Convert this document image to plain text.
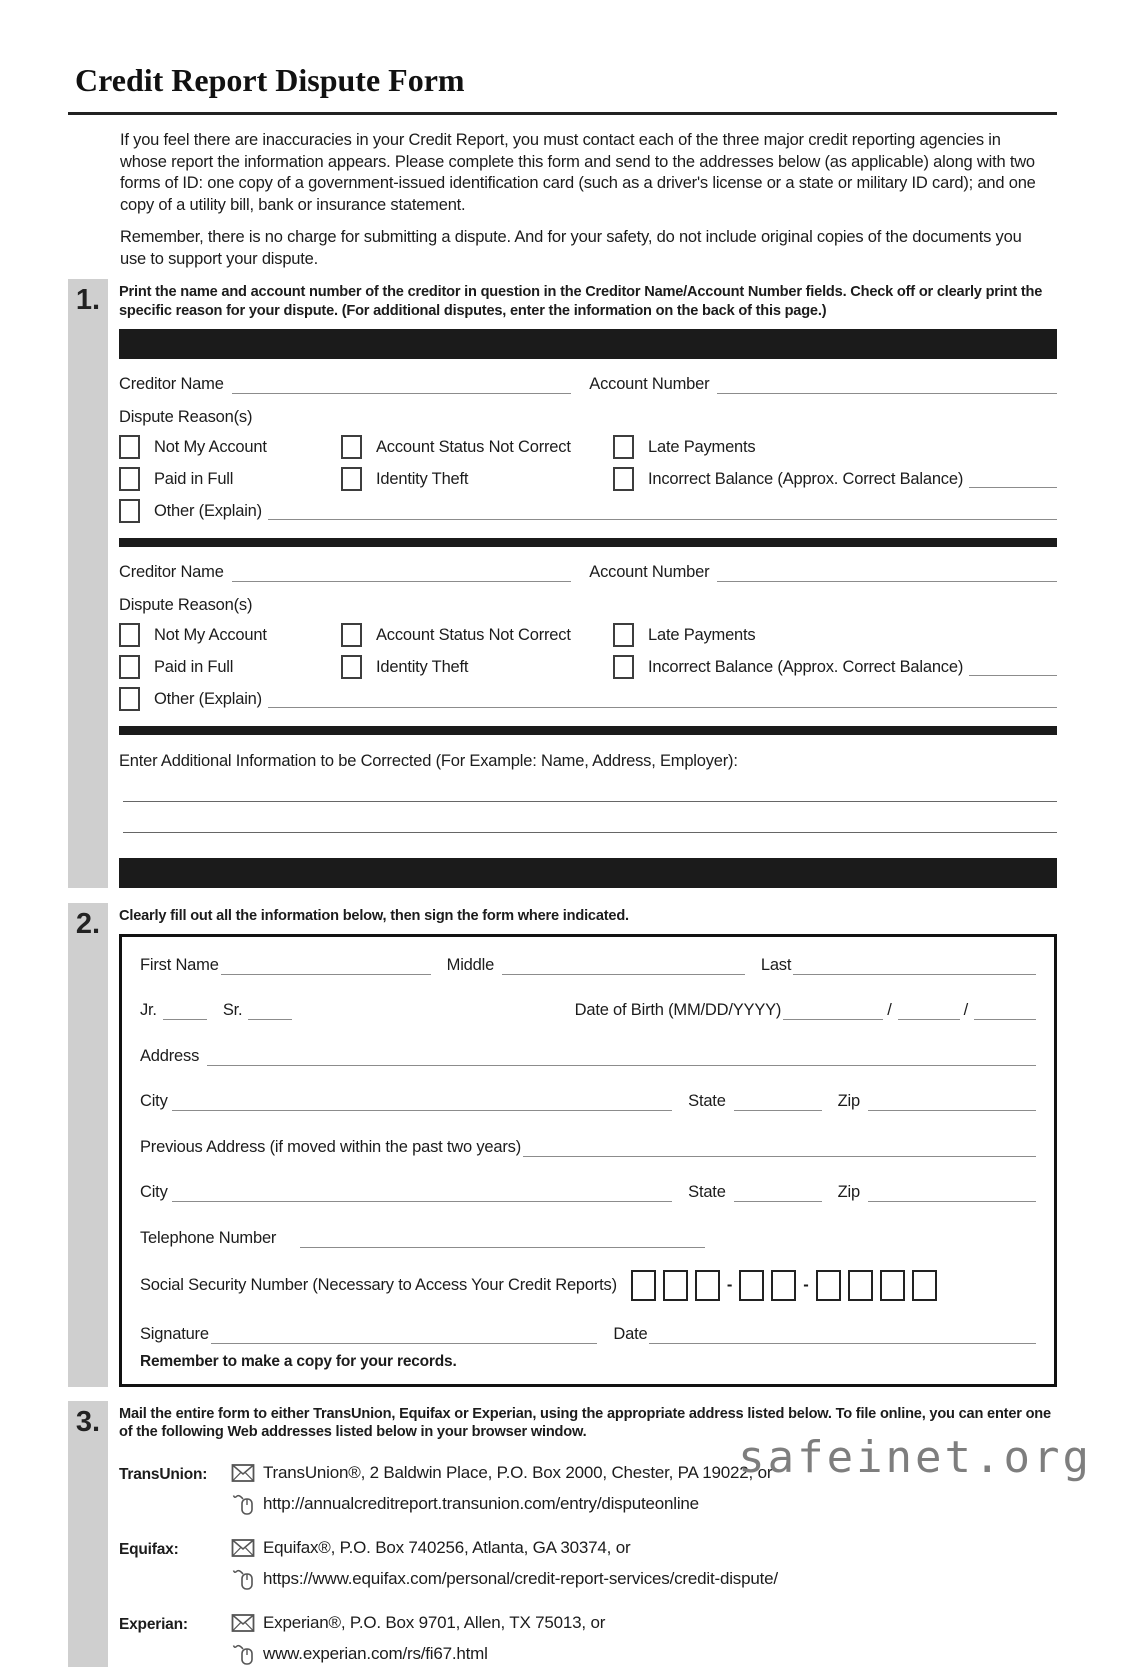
Credit Report Dispute Form

If you feel there are inaccuracies in your Credit Report, you must contact each of the three major credit reporting agencies in whose report the information appears. Please complete this form and send to the addresses below (as applicable) along with two forms of ID: one copy of a government-issued identification card (such as a driver's license or a state or military ID card); and one copy of a utility bill, bank or insurance statement.

Remember, there is no charge for submitting a dispute. And for your safety, do not include original copies of the documents you use to support your dispute.

1.	Print the name and account number of the creditor in question in the Creditor Name/Account Number fields. Check off or clearly print the specific reason for your dispute. (For additional disputes, enter the information on the back of this page.)
Creditor Name	Account Number
Dispute Reason(s)
Not My Account	Account Status Not Correct	Late Payments
Paid in Full	Identity Theft	Incorrect Balance (Approx. Correct Balance)
Other (Explain)
Creditor Name	Account Number
Dispute Reason(s)
Not My Account	Account Status Not Correct	Late Payments
Paid in Full	Identity Theft	Incorrect Balance (Approx. Correct Balance)
Other (Explain)
Enter Additional Information to be Corrected (For Example: Name, Address, Employer):
2.	Clearly fill out all the information below, then sign the form where indicated.
First Name	Middle	Last
Jr.	Sr.	Date of Birth (MM/DD/YYYY)	/	/
Address
City	State	Zip
Previous Address (if moved within the past two years)
City	State	Zip
Telephone Number
Social Security Number (Necessary to Access Your Credit Reports)	-	-
Signature	Date
Remember to make a copy for your records.
3.	Mail the entire form to either TransUnion, Equifax or Experian, using the appropriate address listed below. To file online, you can enter one of the following Web addresses listed below in your browser window.
TransUnion:	TransUnion®, 2 Baldwin Place, P.O. Box 2000, Chester, PA 19022, or
http://annualcreditreport.transunion.com/entry/disputeonline
Equifax:	Equifax®, P.O. Box 740256, Atlanta, GA 30374, or
https://www.equifax.com/personal/credit-report-services/credit-dispute/
Experian:	Experian®, P.O. Box 9701, Allen, TX 75013, or
www.experian.com/rs/fi67.html
safeinet.org
